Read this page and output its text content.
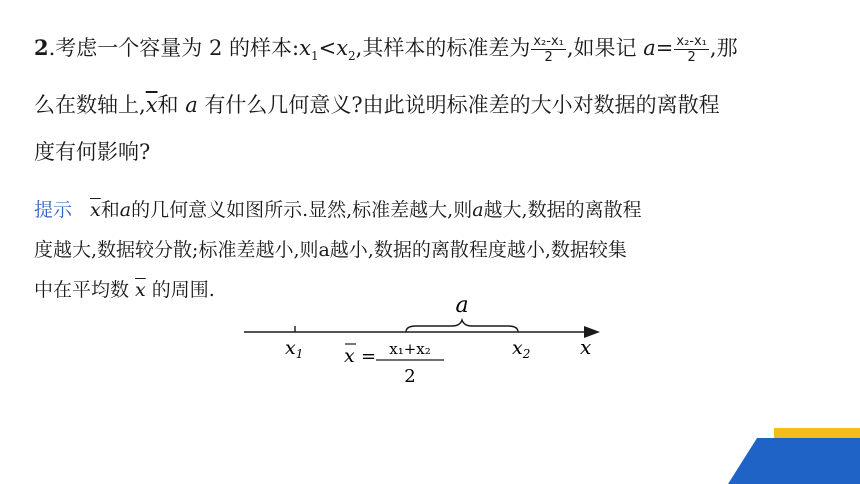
2.考虑一个容量为 2 的样本$:x_1<x_2$,其样本的标准差为 $\frac{\text{x₂-x₁}}{2}$ ,如果记 $a= \frac{\text{x₂-x₁}}{2}$ ,那
么在数轴上$,\overline{x}$和 a 有什么几何意义?由此说明标准差的大小对数据的离散程
度有何影响?
提示 $\overline{x}$和a的几何意义如图所示.显然,标准差越大,则a越大,数据的离散程
度越大,数据较分散;标准差越小,则a越小,数据的离散程度越小,数据较集
中在平均数 $\overline{x}$ 的周围.
a
$x_1$ x = x₁+x₂
2
$x_2$ x
